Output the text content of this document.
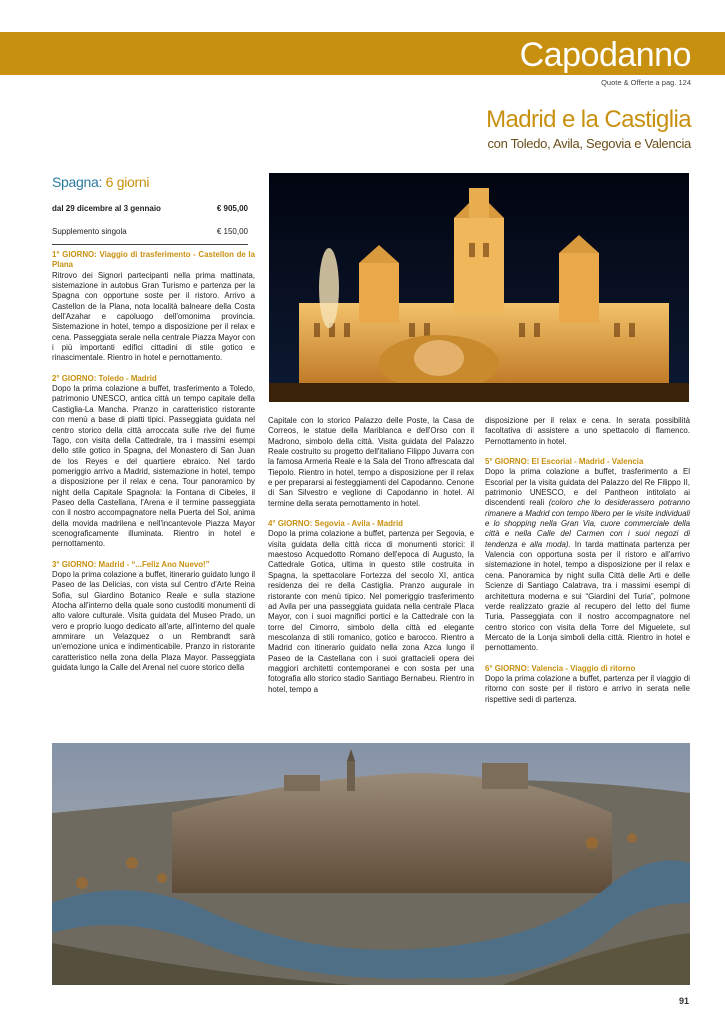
Capodanno
Quote & Offerte a pag. 124
Madrid e la Castiglia
con Toledo, Avila, Segovia e Valencia
Spagna: 6 giorni
dal 29 dicembre al 3 gennaio	€ 905,00
Supplemento singola	€ 150,00

1° GIORNO: Viaggio di trasferimento - Castellon de la Plana
Ritrovo dei Signori partecipanti nella prima mattinata, sistemazione in autobus Gran Turismo e partenza per la Spagna con opportune soste per il ristoro. Arrivo a Castellon de la Plana, nota località balneare della Costa dell'Azahar e capoluogo dell'omonima provincia. Sistemazione in hotel, tempo a disposizione per il relax e cena. Passeggiata serale nella centrale Piazza Mayor con i più importanti edifici cittadini di stile gotico e rinascimentale. Rientro in hotel e pernottamento.

2° GIORNO: Toledo - Madrid
Dopo la prima colazione a buffet, trasferimento a Toledo, patrimonio UNESCO, antica città un tempo capitale della Castiglia-La Mancha. Pranzo in caratteristico ristorante con menù a base di piatti tipici. Passeggiata guidata nel centro storico della città arroccata sulle rive del fiume Tago, con visita della Cattedrale, tra i massimi esempi dello stile gotico in Spagna, del Monastero di San Juan de los Reyes e del quartiere ebraico. Nel tardo pomeriggio arrivo a Madrid, sistemazione in hotel, tempo a disposizione per il relax e cena. Tour panoramico by night della Capitale Spagnola: la Fontana di Cibeles, il Paseo della Castellana, l'Arena e il termine passeggiata con il nostro accompagnatore nella Puerta del Sol, anima della movida madrilena e nell'incantevole Piazza Mayor scenograficamente illuminata. Rientro in hotel e pernottamento.

3° GIORNO: Madrid - “...Feliz Ano Nuevo!”
Dopo la prima colazione a buffet, itinerario guidato lungo il Paseo de las Delicias, con vista sul Centro d'Arte Reina Sofia, sul Giardino Botanico Reale e sulla stazione Atocha all'interno della quale sono custoditi monumenti di alto valore culturale. Visita guidata del Museo Prado, un vero e proprio luogo dedicato all'arte, all'interno del quale ammirare un Velazquez o un Rembrandt sarà un'emozione unica e indimenticabile. Pranzo in ristorante caratteristico nella zona della Plaza Mayor. Passeggiata guidata lungo la Calle del Arenal nel cuore storico della

Capitale con lo storico Palazzo delle Poste, la Casa de Correos, le statue della Mariblanca e dell'Orso con il Madrono, simbolo della città. Visita guidata del Palazzo Reale costruito su progetto dell'italiano Filippo Juvarra con la famosa Armeria Reale e la Sala del Trono affrescata dal Tiepolo. Rientro in hotel, tempo a disposizione per il relax e per prepararsi ai festeggiamenti del Capodanno. Cenone di San Silvestro e veglione di Capodanno in hotel. Al termine della serata pernottamento in hotel.

4° GIORNO: Segovia - Avila - Madrid
Dopo la prima colazione a buffet, partenza per Segovia, e visita guidata della città ricca di monumenti storici: il maestoso Acquedotto Romano dell'epoca di Augusto, la Cattedrale Gotica, ultima in questo stile costruita in Spagna, la spettacolare Fortezza del secolo XI, antica residenza dei re della Castiglia. Pranzo augurale in ristorante con menù tipico. Nel pomeriggio trasferimento ad Avila per una passeggiata guidata nella centrale Placa Mayor, con i suoi magnifici portici e la Cattedrale con la torre del Cimorro, simbolo della città ed elegante mescolanza di stili romanico, gotico e barocco. Rientro a Madrid con itinerario guidato nella zona Azca lungo il Paseo de la Castellana con i suoi grattacieli opera dei maggiori architetti contemporanei e con sosta per una fotografia allo storico stadio Santiago Bernabeu. Rientro in hotel, tempo a

disposizione per il relax e cena. In serata possibilità facoltativa di assistere a uno spettacolo di flamenco. Pernottamento in hotel.

5° GIORNO: El Escorial - Madrid - Valencia
Dopo la prima colazione a buffet, trasferimento a El Escorial per la visita guidata del Palazzo del Re Filippo II, patrimonio UNESCO, e del Pantheon intitolato ai discendenti reali (coloro che lo desiderassero potranno rimanere a Madrid con tempo libero per le visite individuali e lo shopping nella Gran Via, cuore commerciale della città e nella Calle del Carmen con i suoi negozi di tendenza e alla moda). In tarda mattinata partenza per Valencia con opportuna sosta per il ristoro e all'arrivo sistemazione in hotel, tempo a disposizione per il relax e cena. Panoramica by night sulla Città delle Arti e delle Scienze di Santiago Calatrava, tra i massimi esempi di architettura moderna e sui “Giardini del Turia”, polmone verde realizzato grazie al recupero del letto del fiume Turia. Passeggiata con il nostro accompagnatore nel centro storico con visita della Torre del Miguelete, sul Mercato de la Lonja simboli della città. Rientro in hotel e pernottamento.

6° GIORNO: Valencia - Viaggio di ritorno
Dopo la prima colazione a buffet, partenza per il viaggio di ritorno con soste per il ristoro e arrivo in serata nelle rispettive sedi di partenza.

91
